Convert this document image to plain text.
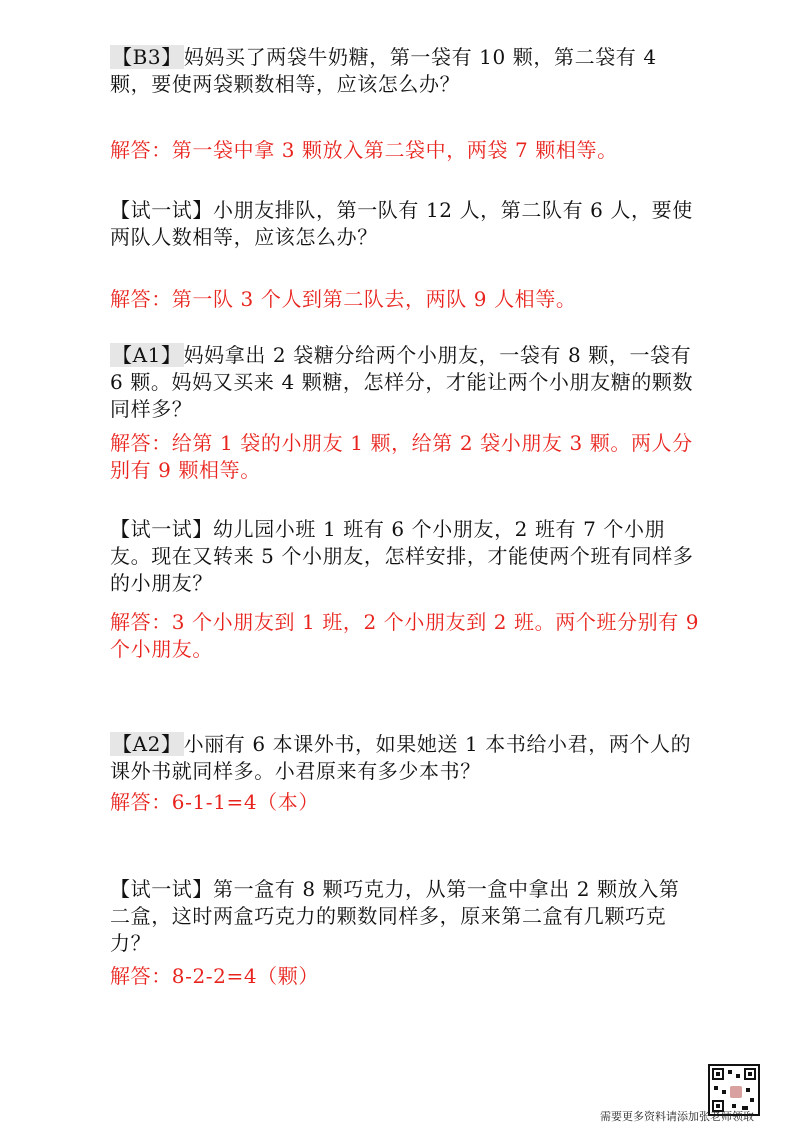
【B3】 妈妈买了两袋牛奶糖，第一袋有 10 颗，第二袋有 4 颗，要使两袋颗数相等，应该怎么办？
解答：第一袋中拿 3 颗放入第二袋中，两袋 7 颗相等。
【试一试】小朋友排队，第一队有 12 人，第二队有 6 人，要使两队人数相等，应该怎么办？
解答：第一队 3 个人到第二队去，两队 9 人相等。
【A1】 妈妈拿出 2 袋糖分给两个小朋友，一袋有 8 颗，一袋有 6 颗。妈妈又买来 4 颗糖，怎样分，才能让两个小朋友糖的颗数同样多？
解答：给第 1 袋的小朋友 1 颗，给第 2 袋小朋友 3 颗。两人分别有 9 颗相等。
【试一试】幼儿园小班 1 班有 6 个小朋友，2 班有 7 个小朋友。现在又转来 5 个小朋友，怎样安排，才能使两个班有同样多的小朋友？
解答：3 个小朋友到 1 班，2 个小朋友到 2 班。两个班分别有 9 个小朋友。
【A2】 小丽有 6 本课外书，如果她送 1 本书给小君，两个人的课外书就同样多。小君原来有多少本书？
解答：6-1-1=4（本）
【试一试】第一盒有 8 颗巧克力，从第一盒中拿出 2 颗放入第二盒，这时两盒巧克力的颗数同样多，原来第二盒有几颗巧克力？
解答：8-2-2=4（颗）
需要更多资料请添加张老师领取
